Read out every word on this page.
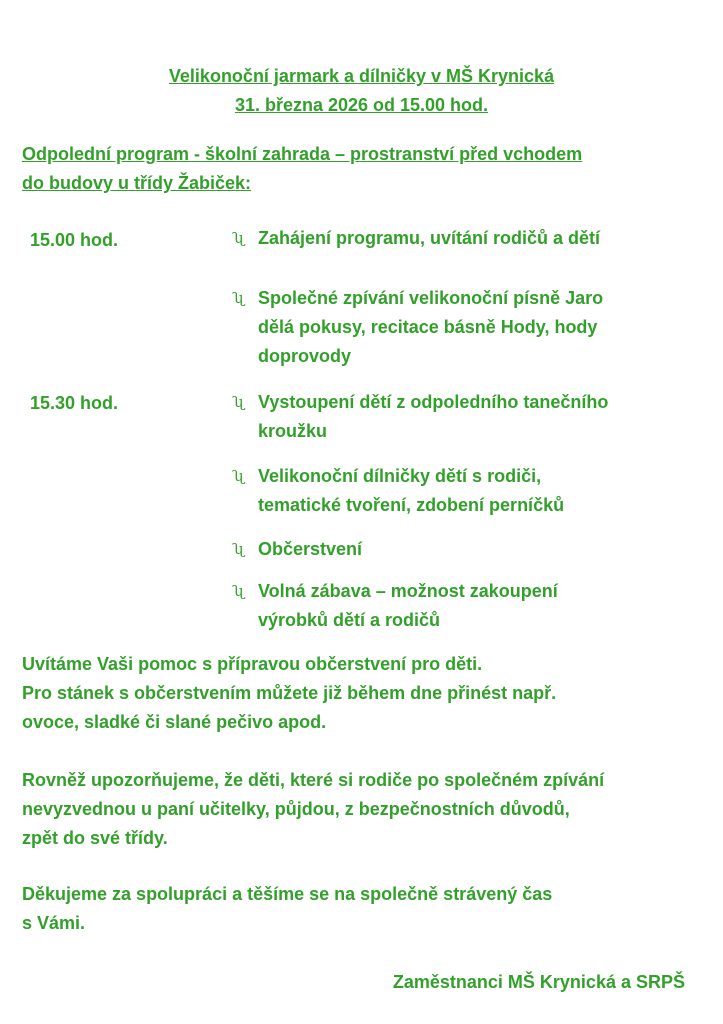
Velikonoční jarmark a dílničky v MŠ Krynická
31. března 2026 od 15.00 hod.
Odpolední program - školní zahrada – prostranství před vchodem
do budovy u třídy Žabiček:
15.00 hod.
15.30 hod.
ʯ Zahájení programu, uvítání rodičů a dětí
ʯ Společné zpívání velikonoční písně Jaro
dělá pokusy, recitace básně Hody, hody
doprovody
ʯ Vystoupení dětí z odpoledního tanečního
kroužku
ʯ Velikonoční dílničky dětí s rodiči,
tematické tvoření, zdobení perníčků
ʯ Občerstvení
ʯ Volná zábava – možnost zakoupení
výrobků dětí a rodičů
Uvítáme Vaši pomoc s přípravou občerstvení pro děti.
Pro stánek s občerstvením můžete již během dne přinést např.
ovoce, sladké či slané pečivo apod.
Rovněž upozorňujeme, že děti, které si rodiče po společném zpívání
nevyzvednou u paní učitelky, půjdou, z bezpečnostních důvodů,
zpět do své třídy.
Děkujeme za spolupráci a těšíme se na společně strávený čas
s Vámi.
Zaměstnanci MŠ Krynická a SRPŠ
